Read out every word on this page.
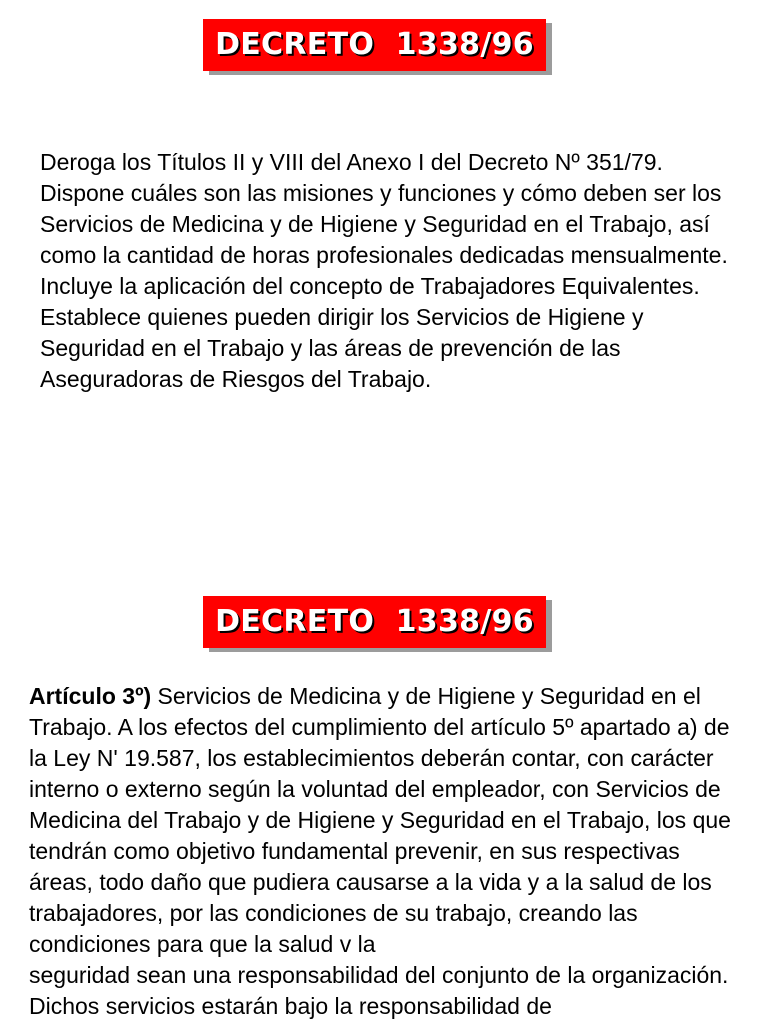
DECRETO  1338/96

Deroga los Títulos II y VIII del Anexo I del Decreto Nº 351/79.

Dispone cuáles son las misiones y funciones y cómo deben ser los Servicios de Medicina y de Higiene y Seguridad en el Trabajo, así como la cantidad de horas profesionales dedicadas mensualmente.

Incluye la aplicación del concepto de Trabajadores Equivalentes.

Establece quienes pueden dirigir los Servicios de Higiene y Seguridad en el Trabajo y las áreas de prevención de las Aseguradoras de Riesgos del Trabajo.

DECRETO  1338/96

Artículo 3º) Servicios de Medicina y de Higiene y Seguridad en el Trabajo. A los efectos del cumplimiento del artículo 5º apartado a) de la Ley N' 19.587, los establecimientos deberán contar, con carácter interno o externo según la voluntad del empleador, con Servicios de Medicina del Trabajo y de Higiene y Seguridad en el Trabajo, los que tendrán como objetivo fundamental prevenir, en sus respectivas áreas, todo daño que pudiera causarse a la vida y a la salud de los trabajadores, por las condiciones de su trabajo, creando las condiciones para que la salud v la

seguridad sean una responsabilidad del conjunto de la organización. Dichos servicios estarán bajo la responsabilidad de
